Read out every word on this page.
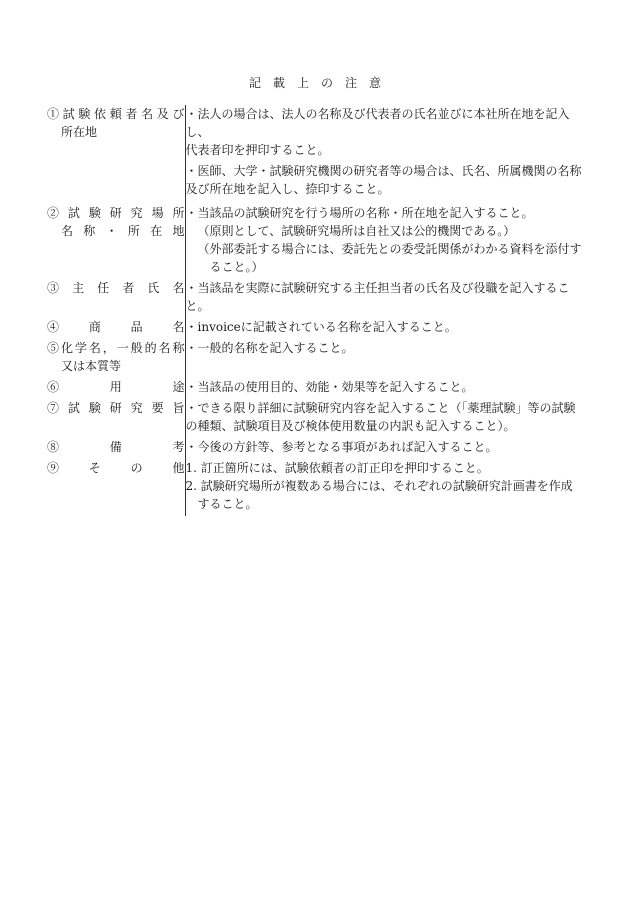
記載上の注意
①試験依頼者名及び
所在地	・法人の場合は、法人の名称及び代表者の氏名並びに本社所在地を記入し、
代表者印を押印すること。
・医師、大学・試験研究機関の研究者等の場合は、氏名、所属機関の名称
及び所在地を記入し、捺印すること。

②試験研究場所
名称・所在地	・当該品の試験研究を行う場所の名称・所在地を記入すること。
（原則として、試験研究場所は自社又は公的機関である。）
（外部委託する場合には、委託先との委受託関係がわかる資料を添付す
ること。）

③主任者氏名	・当該品を実際に試験研究する主任担当者の氏名及び役職を記入するこ
と。

④商品名	・invoiceに記載されている名称を記入すること。

⑤化学名，一般的名称
又は本質等	・一般的名称を記入すること。

⑥用途	・当該品の使用目的、効能・効果等を記入すること。

⑦試験研究要旨	・できる限り詳細に試験研究内容を記入すること（「薬理試験」等の試験
の種類、試験項目及び検体使用数量の内訳も記入すること）。

⑧備考	・今後の方針等、参考となる事項があれば記入すること。

⑨その他	1. 訂正箇所には、試験依頼者の訂正印を押印すること。
2. 試験研究場所が複数ある場合には、それぞれの試験研究計画書を作成
すること。
